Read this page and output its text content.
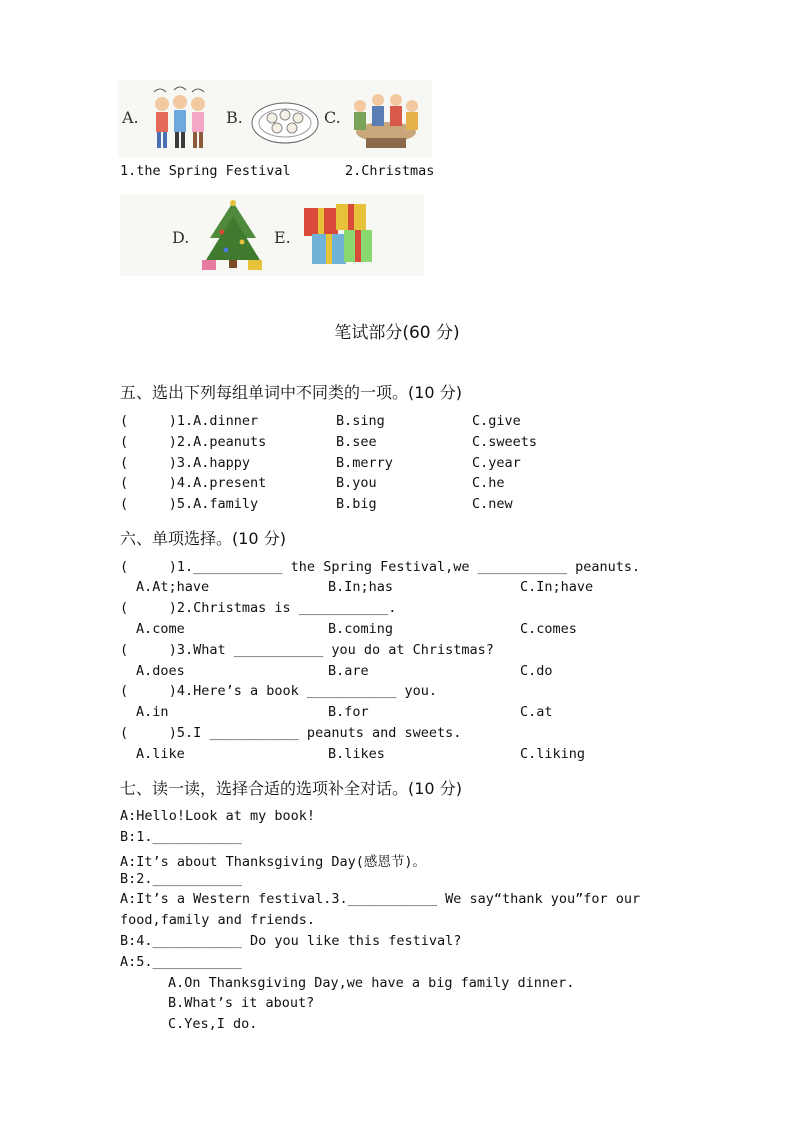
A.	B.	C.
1.the Spring Festival	2.Christmas
D.	E.
笔试部分(60 分)
五、选出下列每组单词中不同类的一项。(10 分)
(     )1.A.dinner	B.sing	C.give
(     )2.A.peanuts	B.see	C.sweets
(     )3.A.happy	B.merry	C.year
(     )4.A.present	B.you	C.he
(     )5.A.family	B.big	C.new
六、单项选择。(10 分)
(     )1.___________ the Spring Festival,we ___________ peanuts.
A.At;have	B.In;has	C.In;have
(     )2.Christmas is ___________.
A.come	B.coming	C.comes
(     )3.What ___________ you do at Christmas?
A.does	B.are	C.do
(     )4.Here’s a book ___________ you.
A.in	B.for	C.at
(     )5.I ___________ peanuts and sweets.
A.like	B.likes	C.liking
七、读一读，选择合适的选项补全对话。(10 分)
A:Hello!Look at my book!
B:1.___________
A:It’s about Thanksgiving Day(感恩节)。
B:2.___________
A:It’s a Western festival.3.___________ We say“thank you”for our
food,family and friends.
B:4.___________ Do you like this festival?
A:5.___________
A.On Thanksgiving Day,we have a big family dinner.
B.What’s it about?
C.Yes,I do.
